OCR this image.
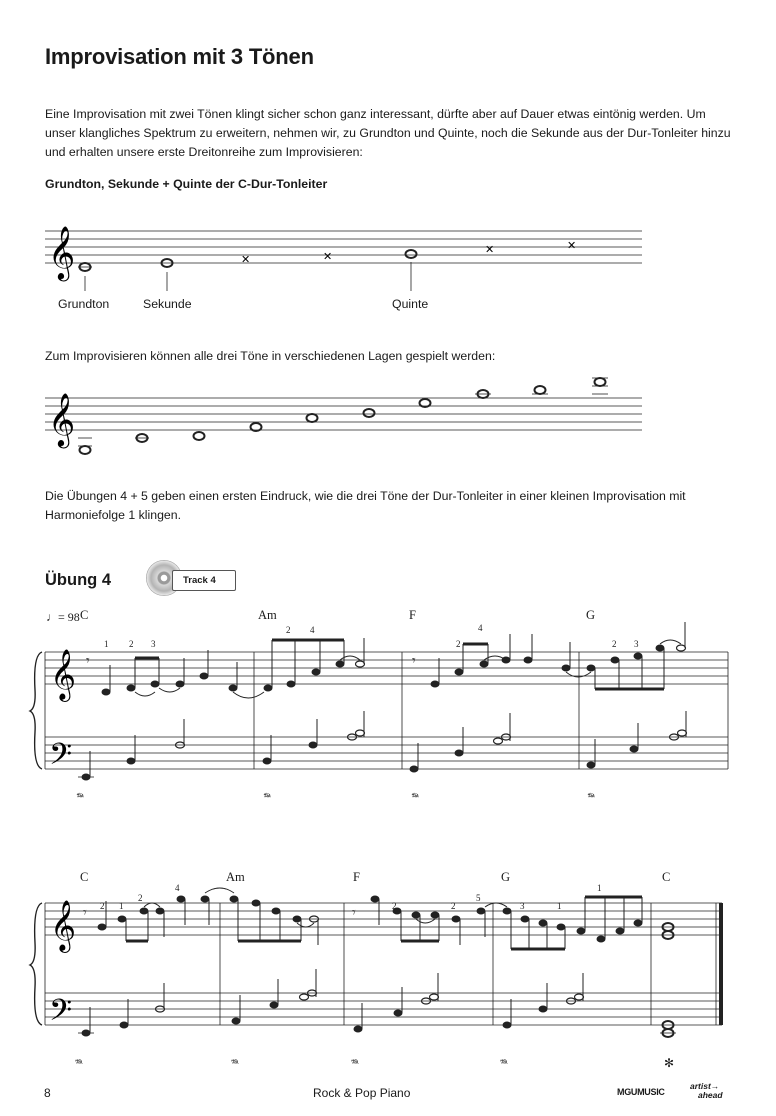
Improvisation mit 3 Tönen

Eine Improvisation mit zwei Tönen klingt sicher schon ganz interessant, dürfte aber auf Dauer etwas eintönig werden. Um unser klangliches Spektrum zu erweitern, nehmen wir, zu Grundton und Quinte, noch die Sekunde aus der Dur-Tonleiter hinzu und erhalten unsere erste Dreitonreihe zum Improvisieren:

Grundton, Sekunde + Quinte der C-Dur-Tonleiter

𝄞	✕	✕
✕	✕
Grundton	Sekunde	Quinte

Zum Improvisieren können alle drei Töne in verschiedenen Lagen gespielt werden:

𝄞

Die Übungen 4 + 5 geben einen ersten Eindruck, wie die drei Töne der Dur-Tonleiter in einer kleinen Improvisation mit Harmoniefolge 1 klingen.

Übung 4	Track 4
♩= 98 C	Am	F	G
𝄞
𝄢
𝄾	𝄾
1 2 3
2 4
2
4
2 3
𝆮	𝆮	𝆮	𝆮
C	Am	F	G	C
𝄞
𝄢
𝄾	𝄾
2 1
2
4
2	2
5
3	1
1
𝆮	𝆮	𝆮	𝆮	✻
8	Rock & Pop Piano	MGUMUSIC
artist→
ahead
